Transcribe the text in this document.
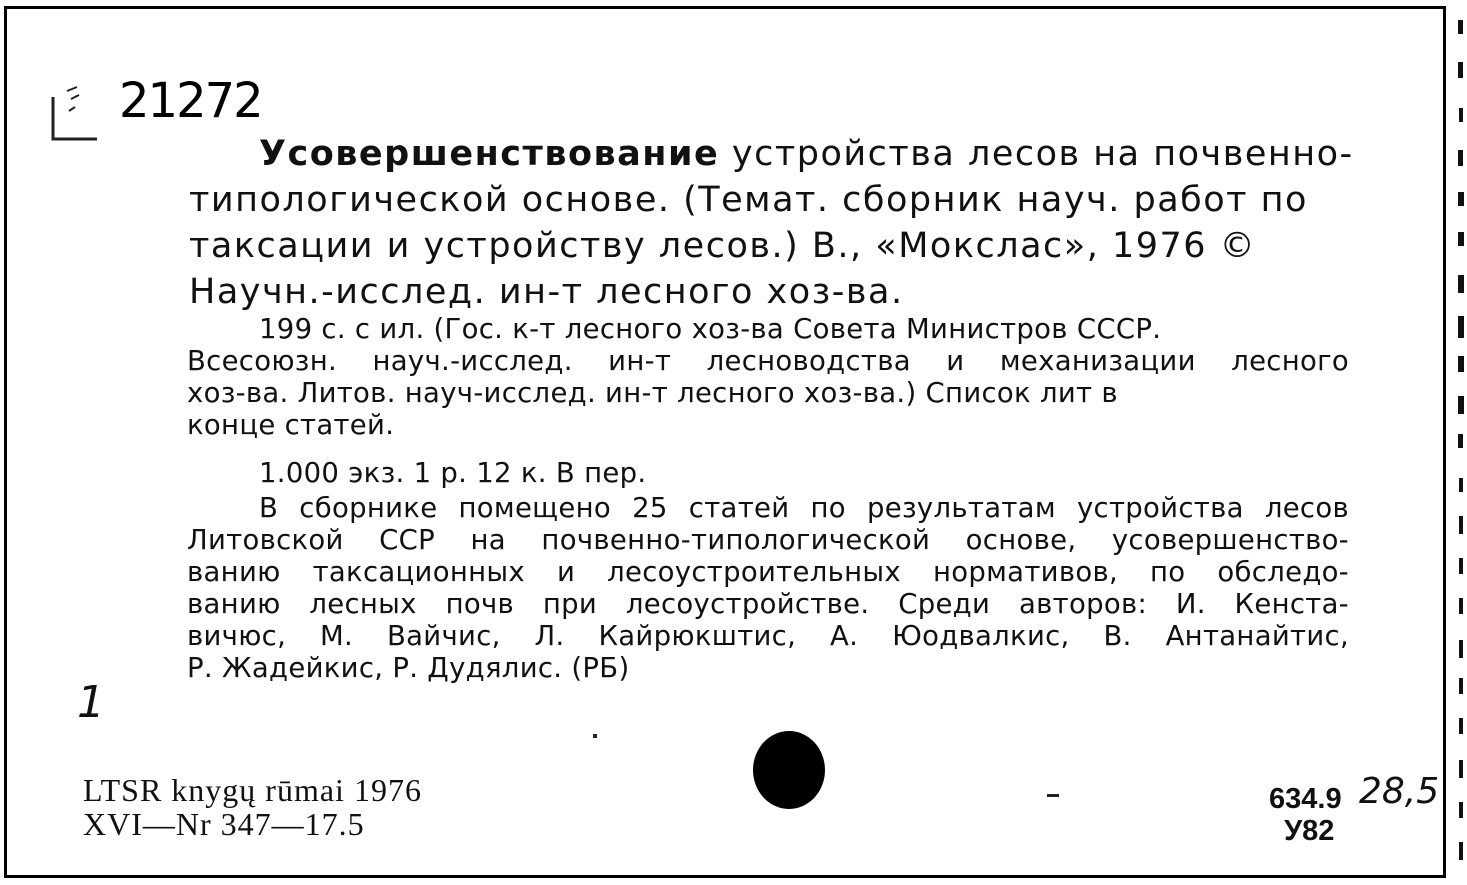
21272
Усовершенствование устройства лесов на почвенно-
типологической основе. (Темат. сборник науч. работ по
таксации и устройству лесов.) В., «Мокслас», 1976 ©
Научн.-исслед. ин-т лесного хоз-ва.
199 с. с ил. (Гос. к-т лесного хоз-ва Совета Министров СССР.
Всесоюзн. науч.-исслед. ин-т лесноводства и механизации лесного
хоз-ва. Литов. науч-исслед. ин-т лесного хоз-ва.) Список лит в
конце статей.
1.000 экз. 1 р. 12 к. В пер.
В сборнике помещено 25 статей по результатам устройства лесов
Литовской ССР на почвенно-типологической основе, усовершенство-
ванию таксационных и лесоустроительных нормативов, по обследо-
ванию лесных почв при лесоустройстве. Среди авторов: И. Кенста-
вичюс, М. Вайчис, Л. Кайрюкштис, А. Юодвалкис, В. Антанайтис,
Р. Жадейкис, Р. Дудялис. (РБ)
1
LTSR knygų rūmai 1976
XVI—Nr 347—17.5
634.9
У82
28,5
